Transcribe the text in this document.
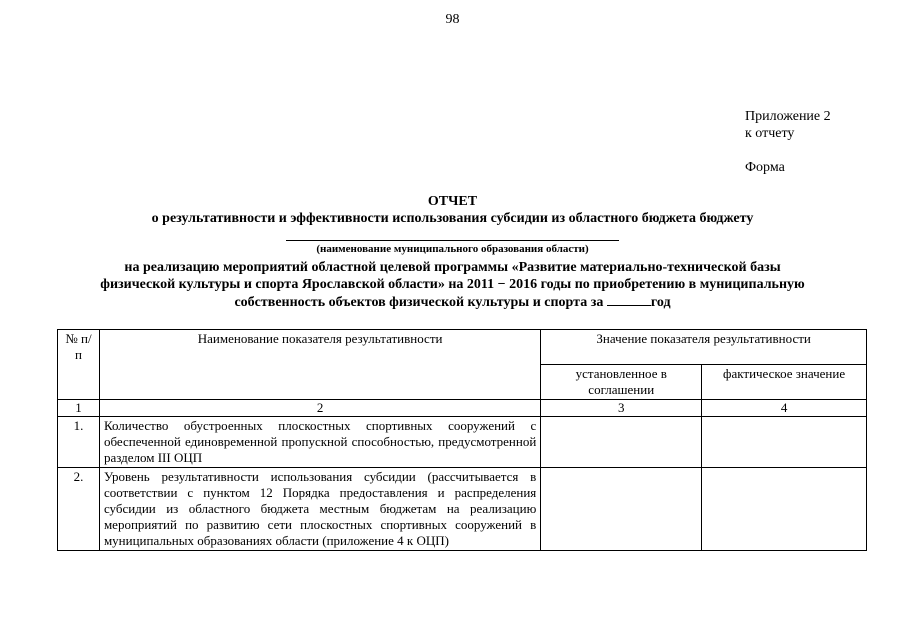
98
Приложение 2
к отчету
Форма
ОТЧЕТ
о результативности и эффективности использования субсидии из областного бюджета бюджету
(наименование муниципального образования области)
на реализацию мероприятий областной целевой программы «Развитие материально-технической базы
физической культуры и спорта Ярославской области» на 2011 − 2016 годы по приобретению в муниципальную
собственность объектов физической культуры и спорта за	год
№ п/п	Наименование показателя результативности	Значение показателя результативности	
		установленное в соглашении	фактическое значение
1	2	3	4
1.	Количество обустроенных плоскостных спортивных сооружений с обеспеченной единовременной пропускной способностью, предусмотренной разделом III ОЦП		
2.	Уровень результативности использования субсидии (рассчитывается в соответствии с пунктом 12 Порядка предоставления и распределения субсидии из областного бюджета местным бюджетам на реализацию мероприятий по развитию сети плоскостных спортивных сооружений в муниципальных образованиях области (приложение 4 к ОЦП)		
